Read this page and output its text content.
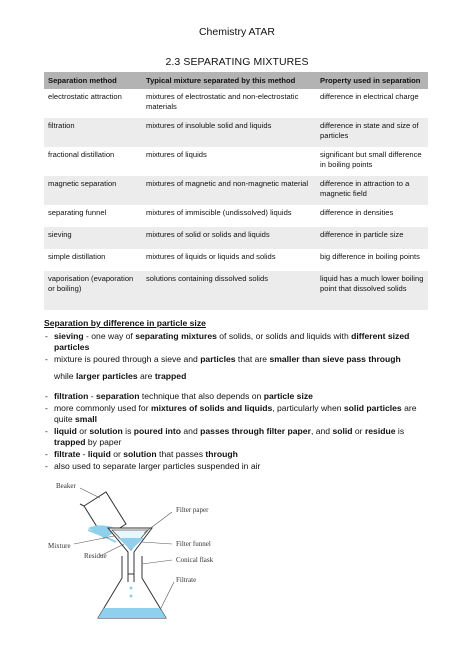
Chemistry ATAR
2.3 SEPARATING MIXTURES
Separation method	Typical mixture separated by this method	Property used in separation
electrostatic attraction	mixtures of electrostatic and non-electrostatic materials	difference in electrical charge
filtration	mixtures of insoluble solid and liquids	difference in state and size of particles
fractional distillation	mixtures of liquids	significant but small difference in boiling points
magnetic separation	mixtures of magnetic and non-magnetic material	difference in attraction to a magnetic field
separating funnel	mixtures of immiscible (undissolved) liquids	difference in densities
sieving	mixtures of solid or solids and liquids	difference in particle size
simple distillation	mixtures of liquids or liquids and solids	big difference in boiling points
vaporisation (evaporation or boiling)	solutions containing dissolved solids	liquid has a much lower boiling point that dissolved solids
Separation by difference in particle size
- sieving - one way of separating mixtures of solids, or solids and liquids with different sized particles
- mixture is poured through a sieve and particles that are smaller than sieve pass through
while larger particles are trapped
- filtration - separation technique that also depends on particle size
- more commonly used for mixtures of solids and liquids, particularly when solid particles are quite small
- liquid or solution is poured into and passes through filter paper, and solid or residue is trapped by paper
- filtrate - liquid or solution that passes through
- also used to separate larger particles suspended in air
Beaker
Filter paper
Mixture	Filter funnel
Residue	Conical flask
Filtrate
